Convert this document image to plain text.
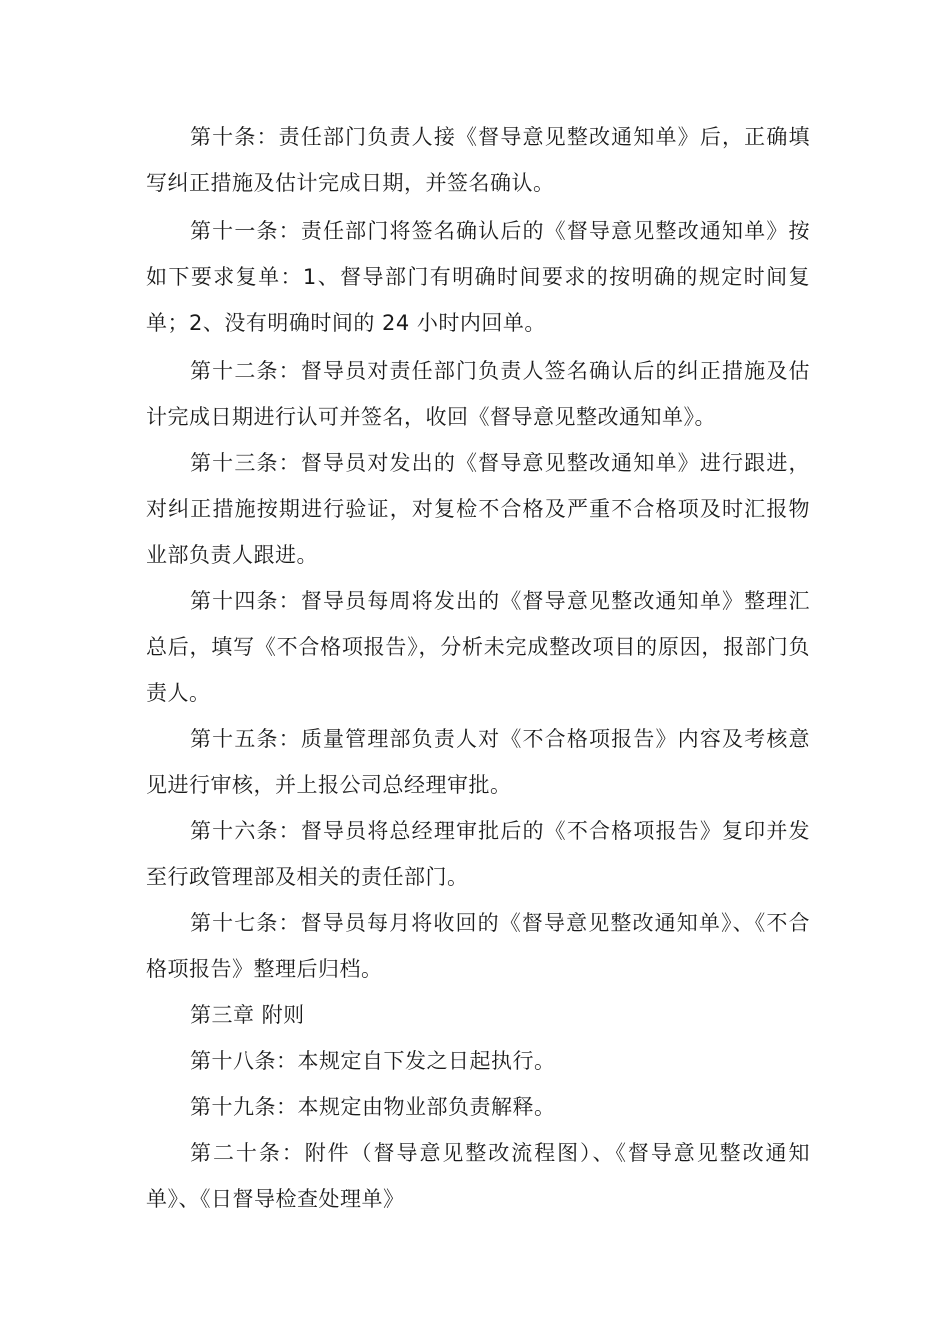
第十条：责任部门负责人接《督导意见整改通知单》后，正确填写纠正措施及估计完成日期，并签名确认。

第十一条：责任部门将签名确认后的《督导意见整改通知单》按如下要求复单：1、督导部门有明确时间要求的按明确的规定时间复单；2、没有明确时间的 24 小时内回单。

第十二条：督导员对责任部门负责人签名确认后的纠正措施及估计完成日期进行认可并签名，收回《督导意见整改通知单》。

第十三条：督导员对发出的《督导意见整改通知单》进行跟进，对纠正措施按期进行验证，对复检不合格及严重不合格项及时汇报物业部负责人跟进。

第十四条：督导员每周将发出的《督导意见整改通知单》整理汇总后，填写《不合格项报告》，分析未完成整改项目的原因，报部门负责人。

第十五条：质量管理部负责人对《不合格项报告》内容及考核意见进行审核，并上报公司总经理审批。

第十六条：督导员将总经理审批后的《不合格项报告》复印并发至行政管理部及相关的责任部门。

第十七条：督导员每月将收回的《督导意见整改通知单》、《不合格项报告》整理后归档。

第三章 附则

第十八条：本规定自下发之日起执行。

第十九条：本规定由物业部负责解释。

第二十条：附件（督导意见整改流程图）、《督导意见整改通知单》、《日督导检查处理单》
